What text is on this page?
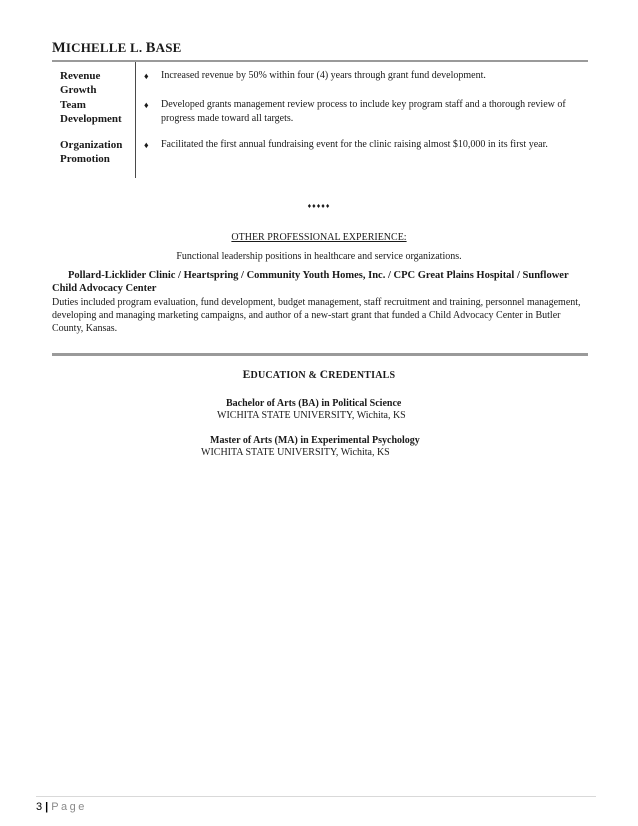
MICHELLE L. BASE
Revenue Growth
♦ Increased revenue by 50% within four (4) years through grant fund development.
Team Development
♦ Developed grants management review process to include key program staff and a thorough review of progress made toward all targets.
Organization Promotion
♦ Facilitated the first annual fundraising event for the clinic raising almost $10,000 in its first year.
♦♦♦♦♦
OTHER PROFESSIONAL EXPERIENCE:
Functional leadership positions in healthcare and service organizations.
Pollard-Licklider Clinic / Heartspring / Community Youth Homes, Inc. / CPC Great Plains Hospital / Sunflower Child Advocacy Center
Duties included program evaluation, fund development, budget management, staff recruitment and training, personnel management, developing and managing marketing campaigns, and author of a new-start grant that funded a Child Advocacy Center in Butler County, Kansas.
EDUCATION & CREDENTIALS
Bachelor of Arts (BA) in Political Science
WICHITA STATE UNIVERSITY, Wichita, KS
Master of Arts (MA) in Experimental Psychology
WICHITA STATE UNIVERSITY, Wichita, KS
3 | Page
